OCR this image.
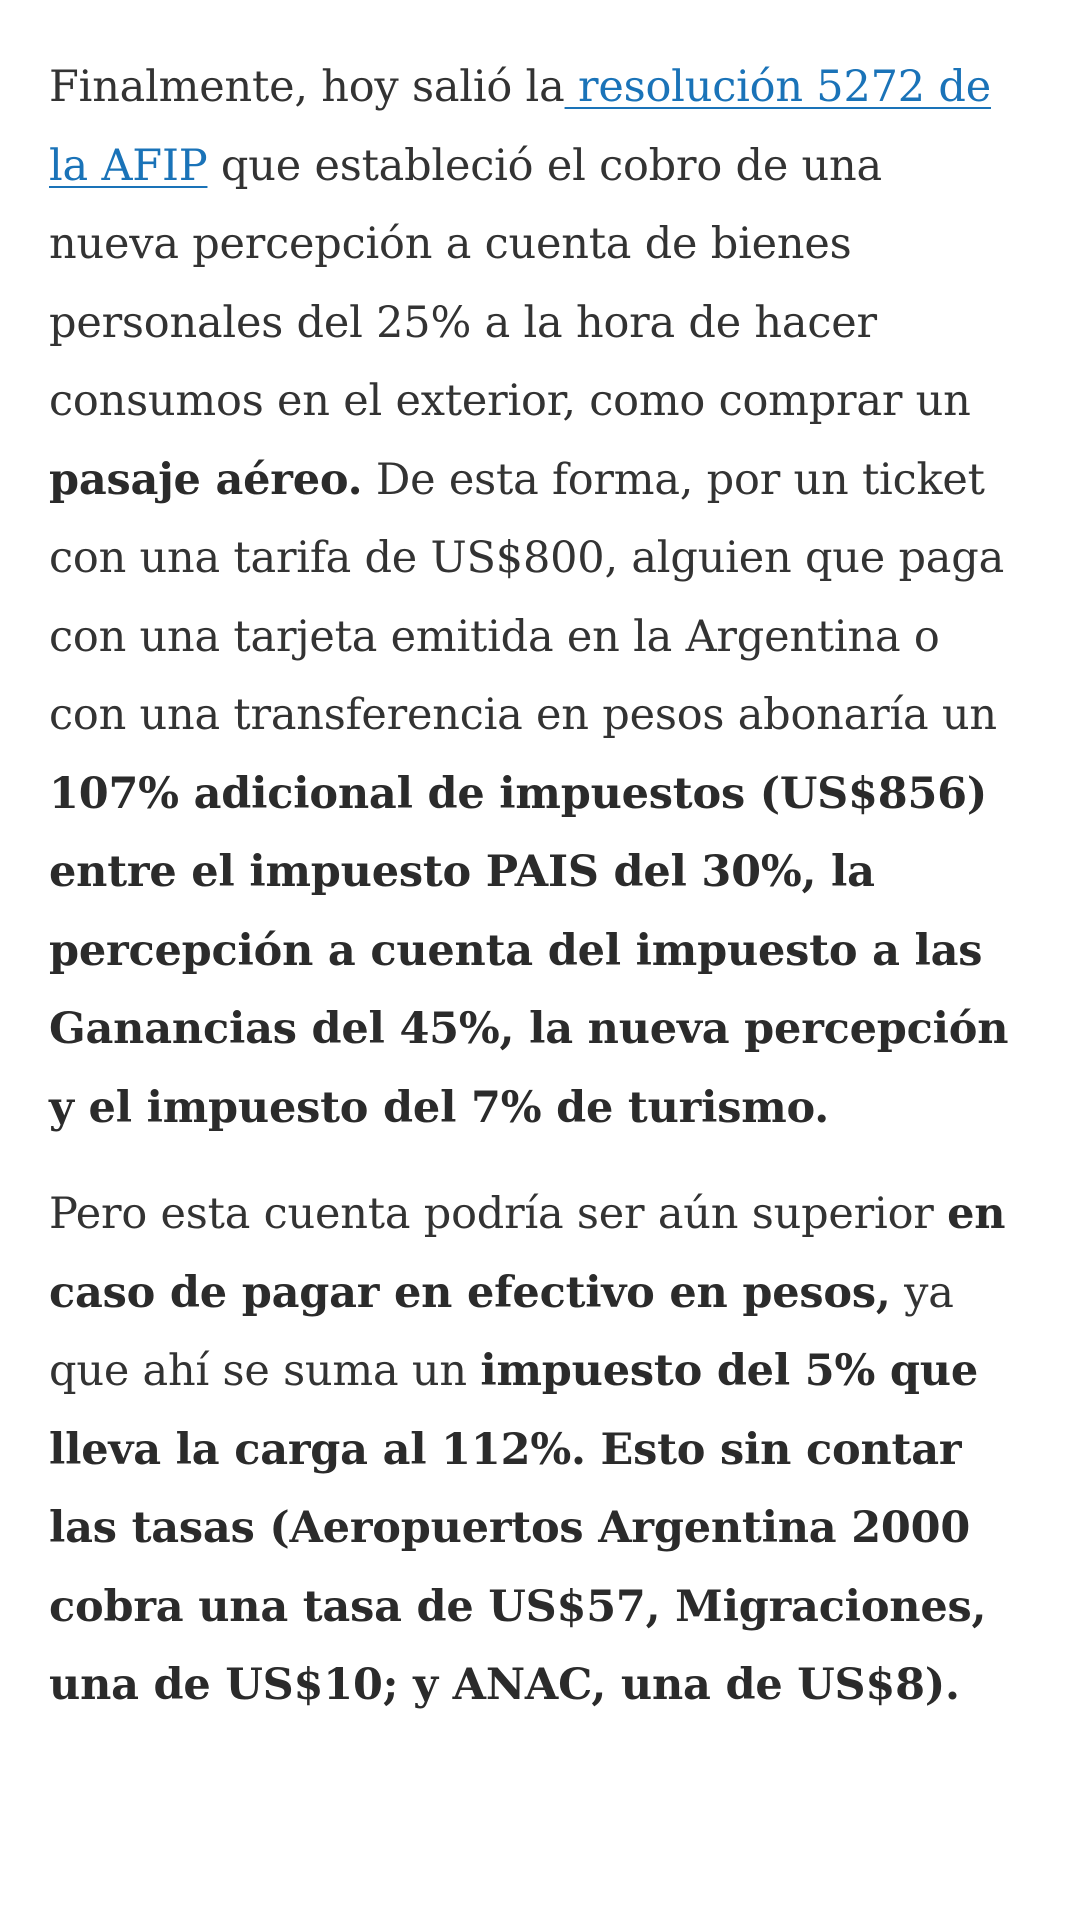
Finalmente, hoy salió la resolución 5272 de la AFIP que estableció el cobro de una nueva percepción a cuenta de bienes personales del 25% a la hora de hacer consumos en el exterior, como comprar un pasaje aéreo. De esta forma, por un ticket con una tarifa de US$800, alguien que paga con una tarjeta emitida en la Argentina o con una transferencia en pesos abonaría un 107% adicional de impuestos (US$856) entre el impuesto PAIS del 30%, la percepción a cuenta del impuesto a las Ganancias del 45%, la nueva percepción y el impuesto del 7% de turismo.

Pero esta cuenta podría ser aún superior en caso de pagar en efectivo en pesos, ya que ahí se suma un impuesto del 5% que lleva la carga al 112%. Esto sin contar las tasas (Aeropuertos Argentina 2000 cobra una tasa de US$57, Migraciones, una de US$10; y ANAC, una de US$8).
